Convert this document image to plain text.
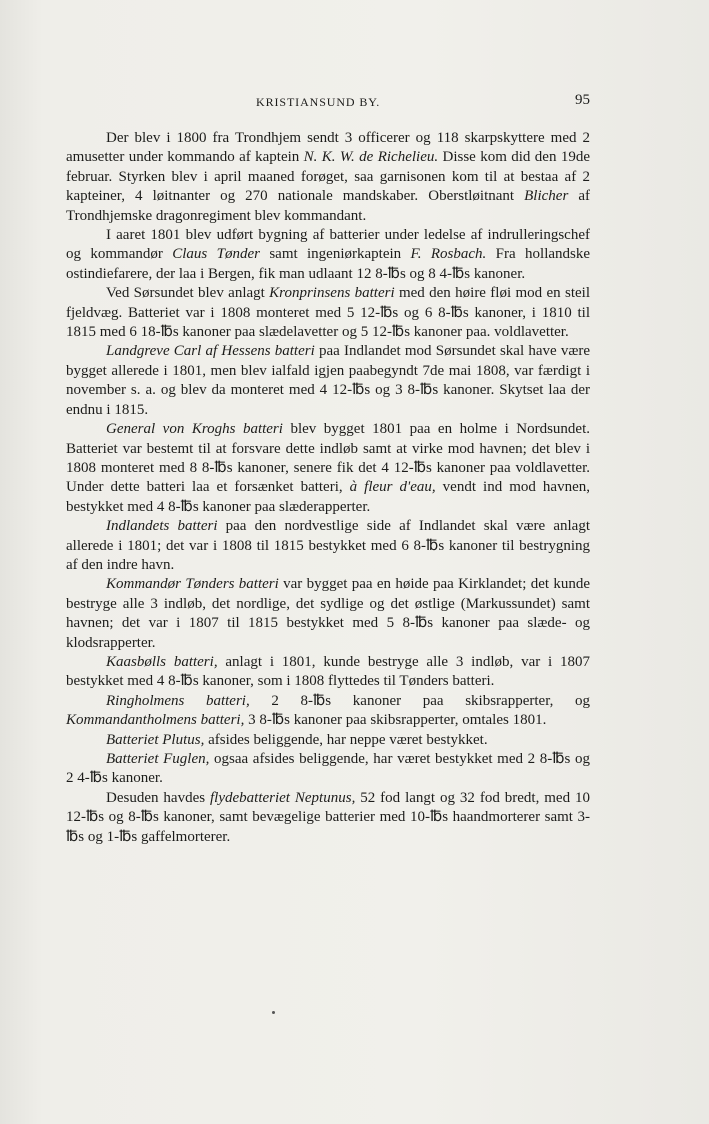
KRISTIANSUND BY.	95

Der blev i 1800 fra Trondhjem sendt 3 officerer og 118 skarpskyttere med 2 amusetter under kommando af kaptein N. K. W. de Richelieu. Disse kom did den 19de februar. Styrken blev i april maaned forøget, saa garnisonen kom til at bestaa af 2 kapteiner, 4 løitnanter og 270 nationale mandskaber. Oberstløitnant Blicher af Trondhjemske dragonregiment blev kommandant.

I aaret 1801 blev udført bygning af batterier under ledelse af indrulleringschef og kommandør Claus Tønder samt ingeniørkaptein F. Rosbach. Fra hollandske ostindiefarere, der laa i Bergen, fik man udlaant 12 8-℔s og 8 4-℔s kanoner.

Ved Sørsundet blev anlagt Kronprinsens batteri med den høire fløi mod en steil fjeldvæg. Batteriet var i 1808 monteret med 5 12-℔s og 6 8-℔s kanoner, i 1810 til 1815 med 6 18-℔s kanoner paa slædelavetter og 5 12-℔s kanoner paa. voldlavetter.

Landgreve Carl af Hessens batteri paa Indlandet mod Sørsundet skal have være bygget allerede i 1801, men blev ialfald igjen paabegyndt 7de mai 1808, var færdigt i november s. a. og blev da monteret med 4 12-℔s og 3 8-℔s kanoner. Skytset laa der endnu i 1815.

General von Kroghs batteri blev bygget 1801 paa en holme i Nordsundet. Batteriet var bestemt til at forsvare dette indløb samt at virke mod havnen; det blev i 1808 monteret med 8 8-℔s kanoner, senere fik det 4 12-℔s kanoner paa voldlavetter. Under dette batteri laa et forsænket batteri, à fleur d'eau, vendt ind mod havnen, bestykket med 4 8-℔s kanoner paa slæderapperter.

Indlandets batteri paa den nordvestlige side af Indlandet skal være anlagt allerede i 1801; det var i 1808 til 1815 bestykket med 6 8-℔s kanoner til bestrygning af den indre havn.

Kommandør Tønders batteri var bygget paa en høide paa Kirklandet; det kunde bestryge alle 3 indløb, det nordlige, det sydlige og det østlige (Markussundet) samt havnen; det var i 1807 til 1815 bestykket med 5 8-℔s kanoner paa slæde- og klodsrapperter.

Kaasbølls batteri, anlagt i 1801, kunde bestryge alle 3 indløb, var i 1807 bestykket med 4 8-℔s kanoner, som i 1808 flyttedes til Tønders batteri.

Ringholmens batteri, 2 8-℔s kanoner paa skibsrapperter, og Kommandantholmens batteri, 3 8-℔s kanoner paa skibsrapperter, omtales 1801.

Batteriet Plutus, afsides beliggende, har neppe været bestykket.

Batteriet Fuglen, ogsaa afsides beliggende, har været bestykket med 2 8-℔s og 2 4-℔s kanoner.

Desuden havdes flydebatteriet Neptunus, 52 fod langt og 32 fod bredt, med 10 12-℔s og 8-℔s kanoner, samt bevægelige batterier med 10-℔s haandmorterer samt 3-℔s og 1-℔s gaffelmorterer.
